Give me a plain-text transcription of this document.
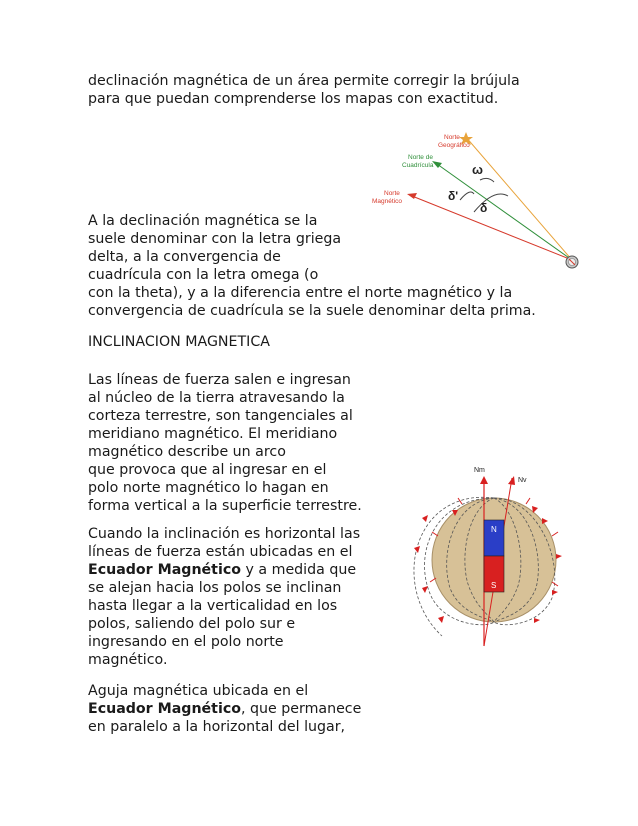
declinación magnética de un área permite corregir la brújula

para que puedan comprenderse los mapas con exactitud.

Norte
Geográfico
Norte de
Cuadrícula
Norte
Magnético
ω
δ'
δ

A la declinación magnética se la

suele denominar con la letra griega

delta, a la convergencia de

cuadrícula con la letra omega (o

con la theta), y a la diferencia entre el norte magnético y la

convergencia de cuadrícula se la suele denominar delta prima.

INCLINACION MAGNETICA

Las líneas de fuerza salen e ingresan

al núcleo de la tierra atravesando la

corteza terrestre, son tangenciales al

meridiano magnético. El meridiano

magnético describe un arco

que provoca que al ingresar en el

polo norte magnético lo hagan en

forma vertical a la superficie terrestre.

Nm
Nv
N
S

Cuando la inclinación es horizontal las

líneas de fuerza están ubicadas en el

Ecuador Magnético y a medida que

se alejan hacia los polos se inclinan

hasta llegar a la verticalidad en los

polos, saliendo del polo sur e

ingresando en el polo norte

magnético.

Aguja magnética ubicada en el

Ecuador Magnético, que permanece

en paralelo a la horizontal del lugar,
